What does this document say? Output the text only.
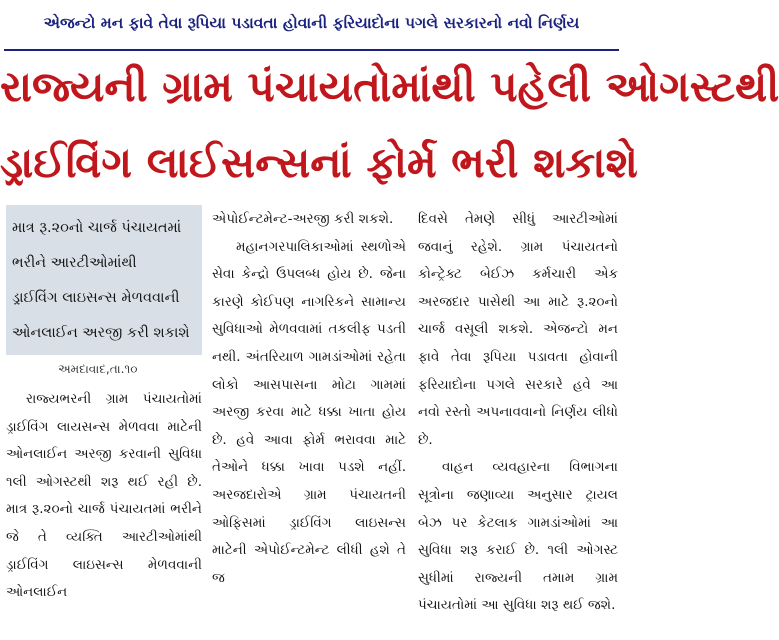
એજન્ટો મન ફાવે તેવા રૂપિયા પડાવતા હોવાની ફરિયાદોના પગલે સરકારનો નવો નિર્ણય
રાજ્યની ગ્રામ પંચાયતોમાંથી પહેલી ઓગસ્ટથી
ડ્રાઈવિંગ લાઈસન્સનાં ફોર્મ ભરી શકાશે
માત્ર રૂ.૨૦નો ચાર્જ પંચાયતમાં
ભરીને આરટીઓમાંથી
ડ્રાઈવિંગ લાઇસન્સ મેળવવાની
ઓનલાઈન અરજી કરી શકાશે
અમદાવાદ,તા.૧૦

રાજ્યભરની ગ્રામ પંચાયતોમાં ડ્રાઈવિંગ લાયસન્સ મેળવવા માટેની ઓનલાઈન અરજી કરવાની સુવિધા ૧લી ઓગસ્ટથી શરૂ થઈ રહી છે. માત્ર રૂ.૨૦નો ચાર્જ પંચાયતમાં ભરીને જે તે વ્યક્તિ આરટીઓમાંથી ડ્રાઈવિંગ લાઇસન્સ મેળવવાની ઓનલાઈન

એપોઈન્ટમેન્ટ-અરજી કરી શકશે.

મહાનગરપાલિકાઓમાં સ્થળોએ સેવા કેન્દ્રો ઉપલબ્ધ હોય છે. જેના કારણે કોઈપણ નાગરિકને સામાન્ય સુવિધાઓ મેળવવામાં તકલીફ પડતી નથી. અંતરિયાળ ગામડાંઓમાં રહેતા લોકો આસપાસના મોટા ગામમાં અરજી કરવા માટે ધક્કા ખાતા હોય છે. હવે આવા ફોર્મ ભરાવવા માટે તેઓને ધક્કા ખાવા પડશે નહીં. અરજદારોએ ગ્રામ પંચાયતની ઓફિસમાં ડ્રાઈવિંગ લાઇસન્સ માટેની એપોઈન્ટમેન્ટ લીધી હશે તે જ

દિવસે તેમણે સીધું આરટીઓમાં જવાનું રહેશે. ગ્રામ પંચાયતનો કોન્ટ્રેક્ટ બેઈઝ કર્મચારી એક અરજદાર પાસેથી આ માટે રૂ.૨૦નો ચાર્જ વસૂલી શકશે. એજન્ટો મન ફાવે તેવા રૂપિયા પડાવતા હોવાની ફરિયાદોના પગલે સરકારે હવે આ નવો રસ્તો અપનાવવાનો નિર્ણય લીધો છે.

વાહન વ્યવહારના વિભાગના સૂત્રોના જણાવ્યા અનુસાર ટ્રાયલ બેઝ પર કેટલાક ગામડાંઓમાં આ સુવિધા શરૂ કરાઈ છે. ૧લી ઓગસ્ટ સુધીમાં રાજ્યની તમામ ગ્રામ પંચાયતોમાં આ સુવિધા શરૂ થઈ જશે.
